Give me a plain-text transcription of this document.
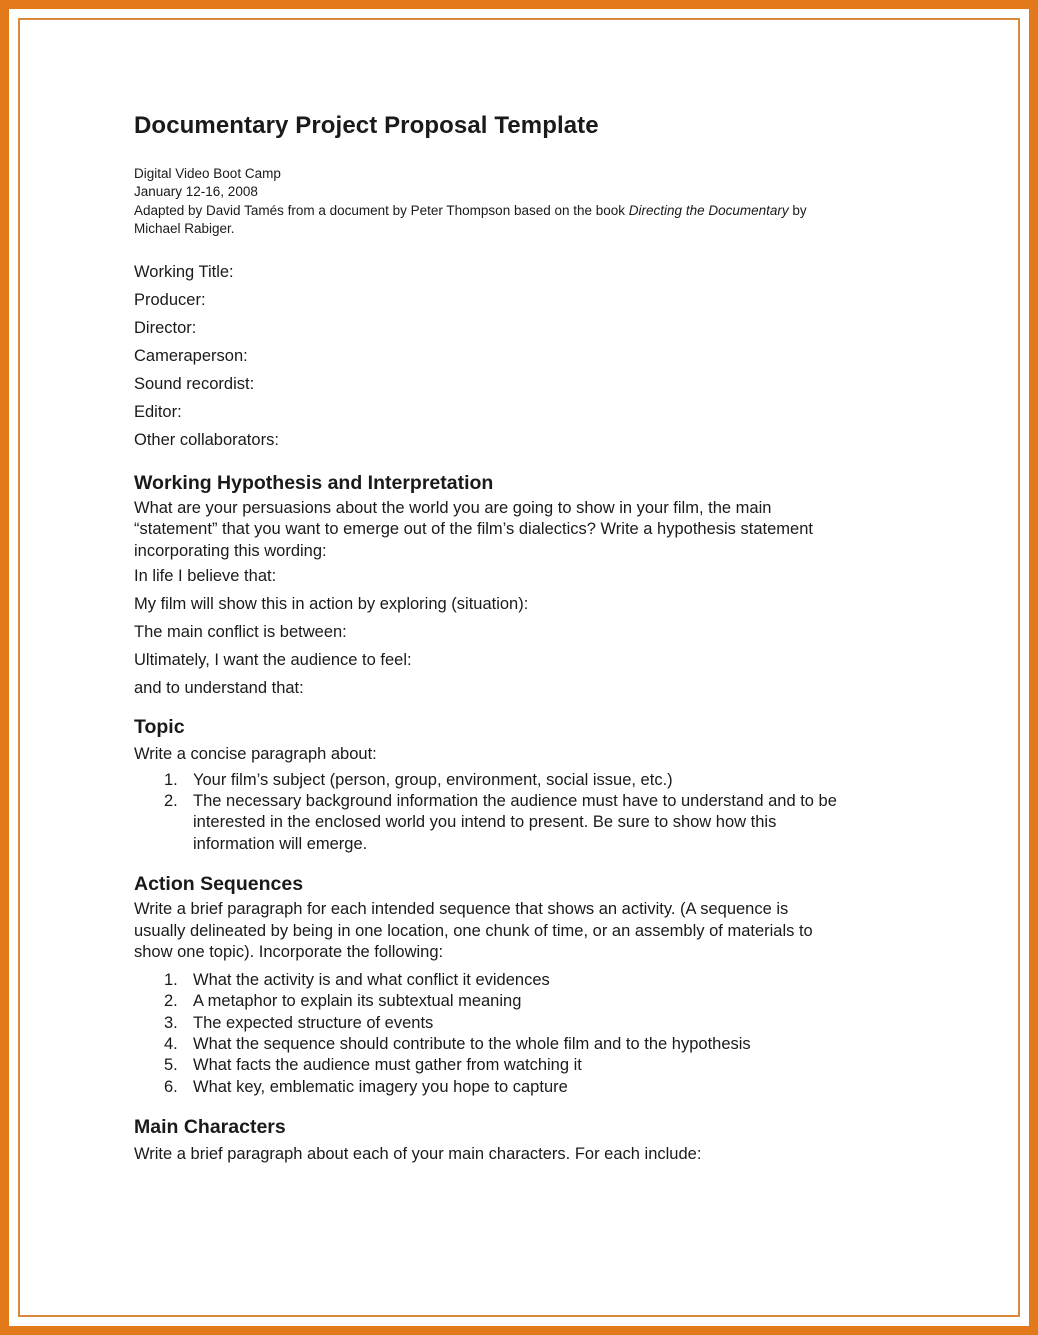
Documentary Project Proposal Template
Digital Video Boot Camp
January 12-16, 2008
Adapted by David Tamés from a document by Peter Thompson based on the book Directing the Documentary by
Michael Rabiger.
Working Title:
Producer:
Director:
Cameraperson:
Sound recordist:
Editor:
Other collaborators:
Working Hypothesis and Interpretation
What are your persuasions about the world you are going to show in your film, the main
“statement” that you want to emerge out of the film’s dialectics? Write a hypothesis statement
incorporating this wording:
In life I believe that:
My film will show this in action by exploring (situation):
The main conflict is between:
Ultimately, I want the audience to feel:
and to understand that:
Topic
Write a concise paragraph about:
1. Your film’s subject (person, group, environment, social issue, etc.)
2. The necessary background information the audience must have to understand and to be
interested in the enclosed world you intend to present. Be sure to show how this
information will emerge.
Action Sequences
Write a brief paragraph for each intended sequence that shows an activity. (A sequence is
usually delineated by being in one location, one chunk of time, or an assembly of materials to
show one topic). Incorporate the following:
1. What the activity is and what conflict it evidences
2. A metaphor to explain its subtextual meaning
3. The expected structure of events
4. What the sequence should contribute to the whole film and to the hypothesis
5. What facts the audience must gather from watching it
6. What key, emblematic imagery you hope to capture
Main Characters
Write a brief paragraph about each of your main characters. For each include:
